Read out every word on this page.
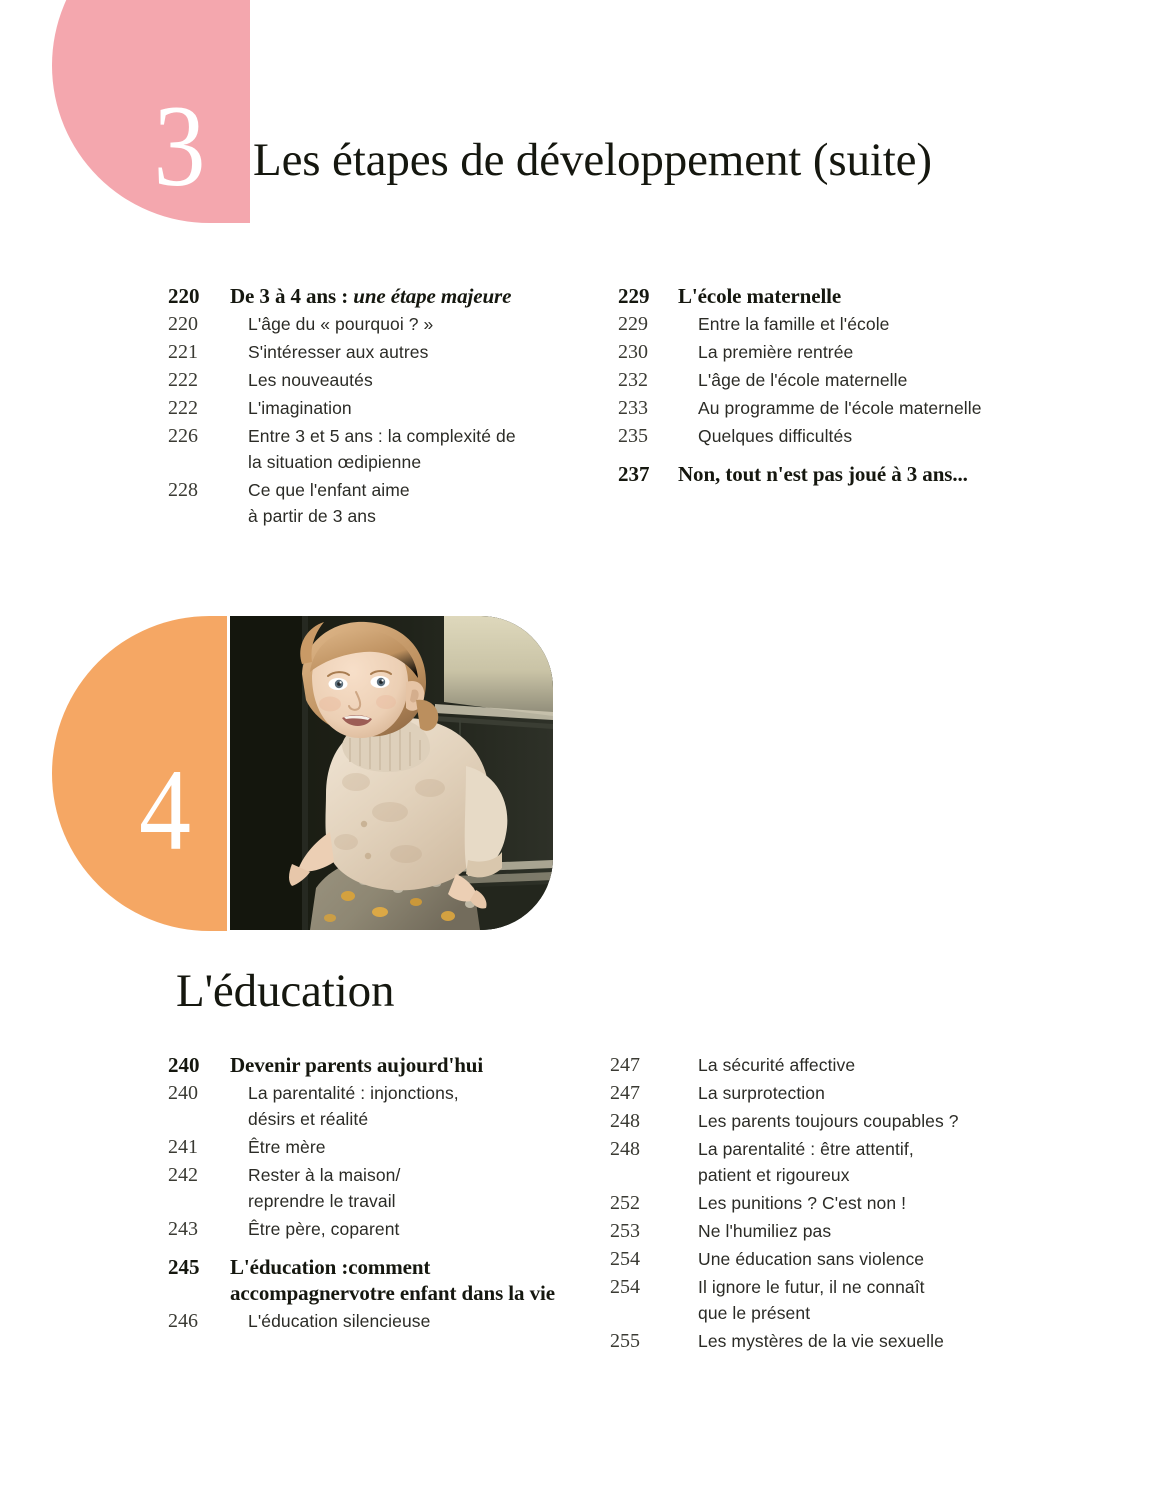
3 Les étapes de développement (suite)
220	De 3 à 4 ans : une étape majeure
220	L'âge du « pourquoi ? »
221	S'intéresser aux autres
222	Les nouveautés
222	L'imagination
226	Entre 3 et 5 ans : la complexité de
la situation œdipienne
228	Ce que l'enfant aime
à partir de 3 ans
229	L'école maternelle
229	Entre la famille et l'école
230	La première rentrée
232	L'âge de l'école maternelle
233	Au programme de l'école maternelle
235	Quelques difficultés
237	Non, tout n'est pas joué à 3 ans...
4
L'éducation
240	Devenir parents aujourd'hui
240	La parentalité : injonctions,
désirs et réalité
241	Être mère
242	Rester à la maison/
reprendre le travail
243	Être père, coparent
245	L'éducation :comment accompagnervotre enfant dans la vie
246	L'éducation silencieuse
247	La sécurité affective
247	La surprotection
248	Les parents toujours coupables ?
248	La parentalité : être attentif,
patient et rigoureux
252	Les punitions ? C'est non !
253	Ne l'humiliez pas
254	Une éducation sans violence
254	Il ignore le futur, il ne connaît
que le présent
255	Les mystères de la vie sexuelle
